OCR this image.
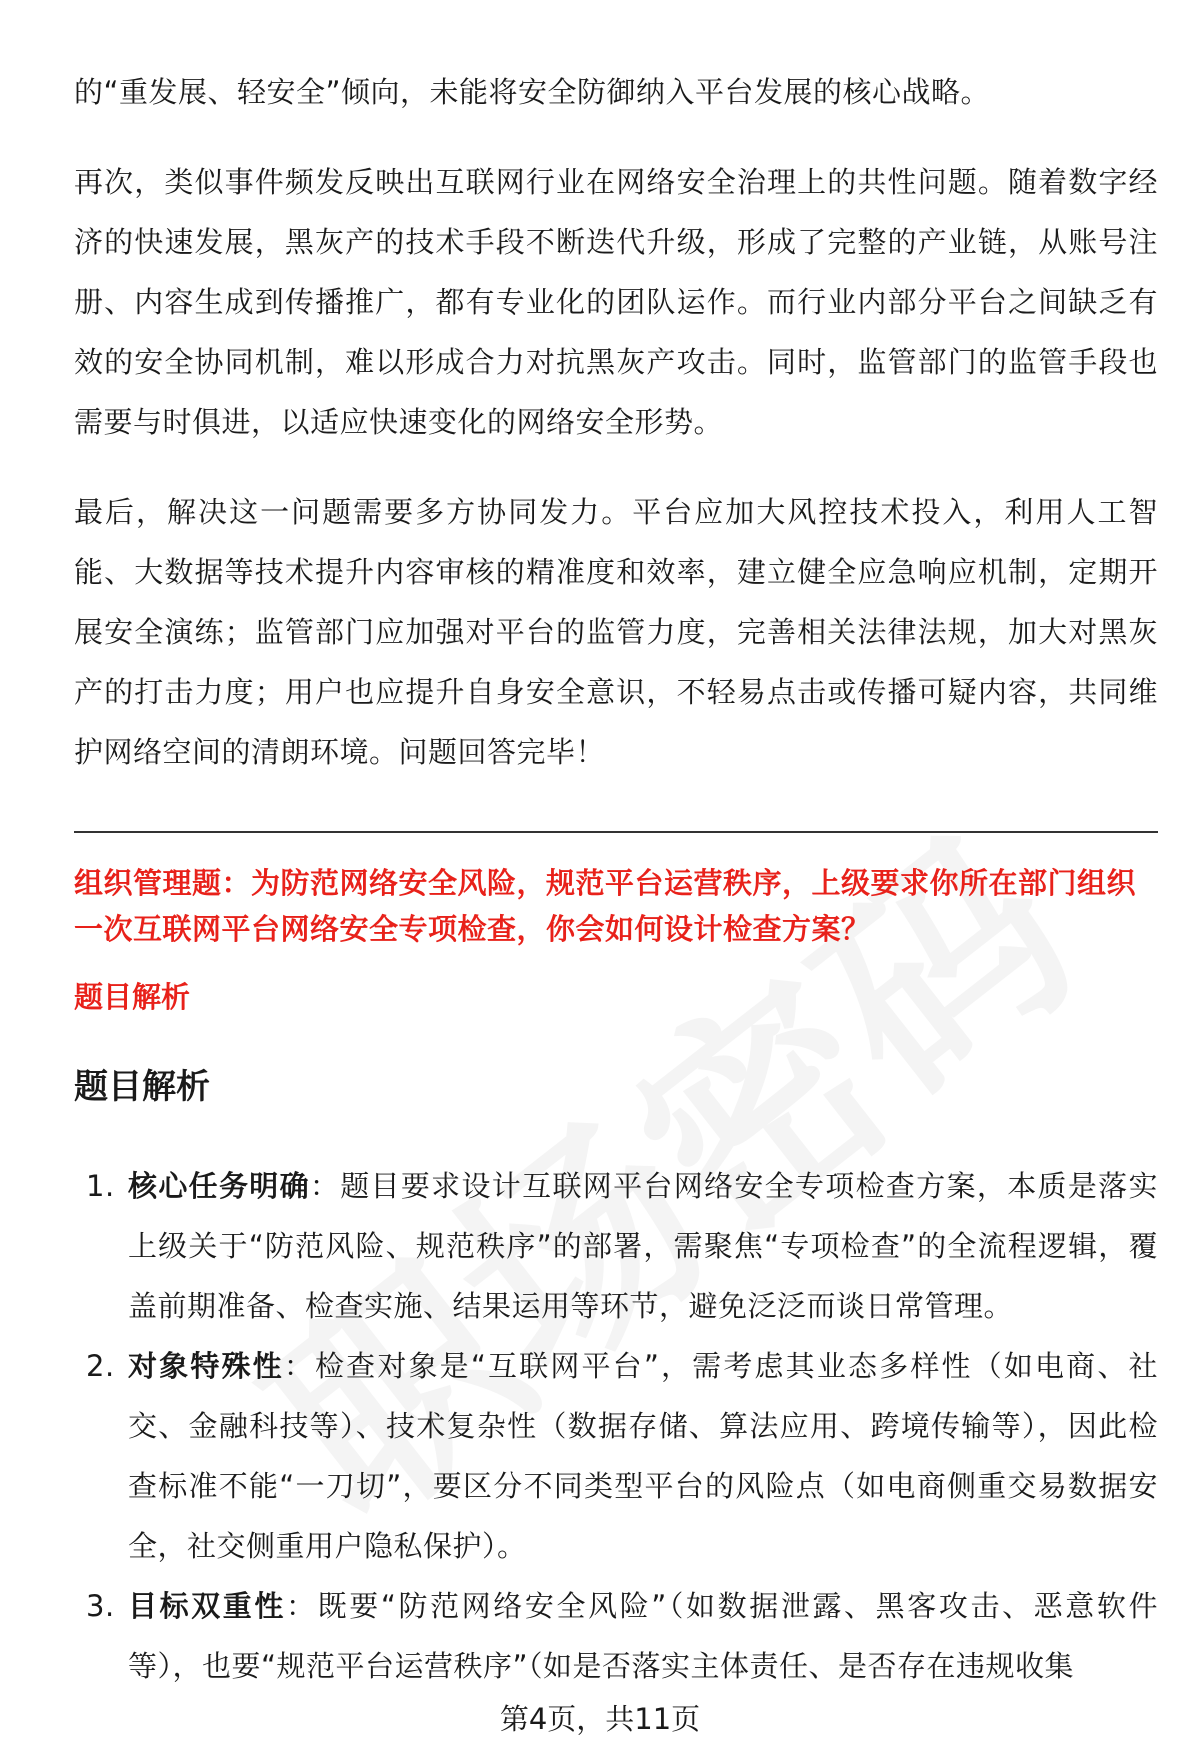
的“重发展、轻安全”倾向，未能将安全防御纳入平台发展的核心战略。

再次，类似事件频发反映出互联网行业在网络安全治理上的共性问题。随着数字经济的快速发展，黑灰产的技术手段不断迭代升级，形成了完整的产业链，从账号注册、内容生成到传播推广，都有专业化的团队运作。而行业内部分平台之间缺乏有效的安全协同机制，难以形成合力对抗黑灰产攻击。同时，监管部门的监管手段也需要与时俱进，以适应快速变化的网络安全形势。

最后，解决这一问题需要多方协同发力。平台应加大风控技术投入，利用人工智能、大数据等技术提升内容审核的精准度和效率，建立健全应急响应机制，定期开展安全演练；监管部门应加强对平台的监管力度，完善相关法律法规，加大对黑灰产的打击力度；用户也应提升自身安全意识，不轻易点击或传播可疑内容，共同维护网络空间的清朗环境。问题回答完毕！

组织管理题：为防范网络安全风险，规范平台运营秩序，上级要求你所在部门组织一次互联网平台网络安全专项检查，你会如何设计检查方案？

题目解析

题目解析
1. 核心任务明确：题目要求设计互联网平台网络安全专项检查方案，本质是落实上级关于“防范风险、规范秩序”的部署，需聚焦“专项检查”的全流程逻辑，覆盖前期准备、检查实施、结果运用等环节，避免泛泛而谈日常管理。
2. 对象特殊性：检查对象是“互联网平台”，需考虑其业态多样性（如电商、社交、金融科技等）、技术复杂性（数据存储、算法应用、跨境传输等），因此检查标准不能“一刀切”，要区分不同类型平台的风险点（如电商侧重交易数据安全，社交侧重用户隐私保护）。
3. 目标双重性：既要“防范网络安全风险”（如数据泄露、黑客攻击、恶意软件等），也要“规范平台运营秩序”（如是否落实主体责任、是否存在违规收集
第4页，共11页
